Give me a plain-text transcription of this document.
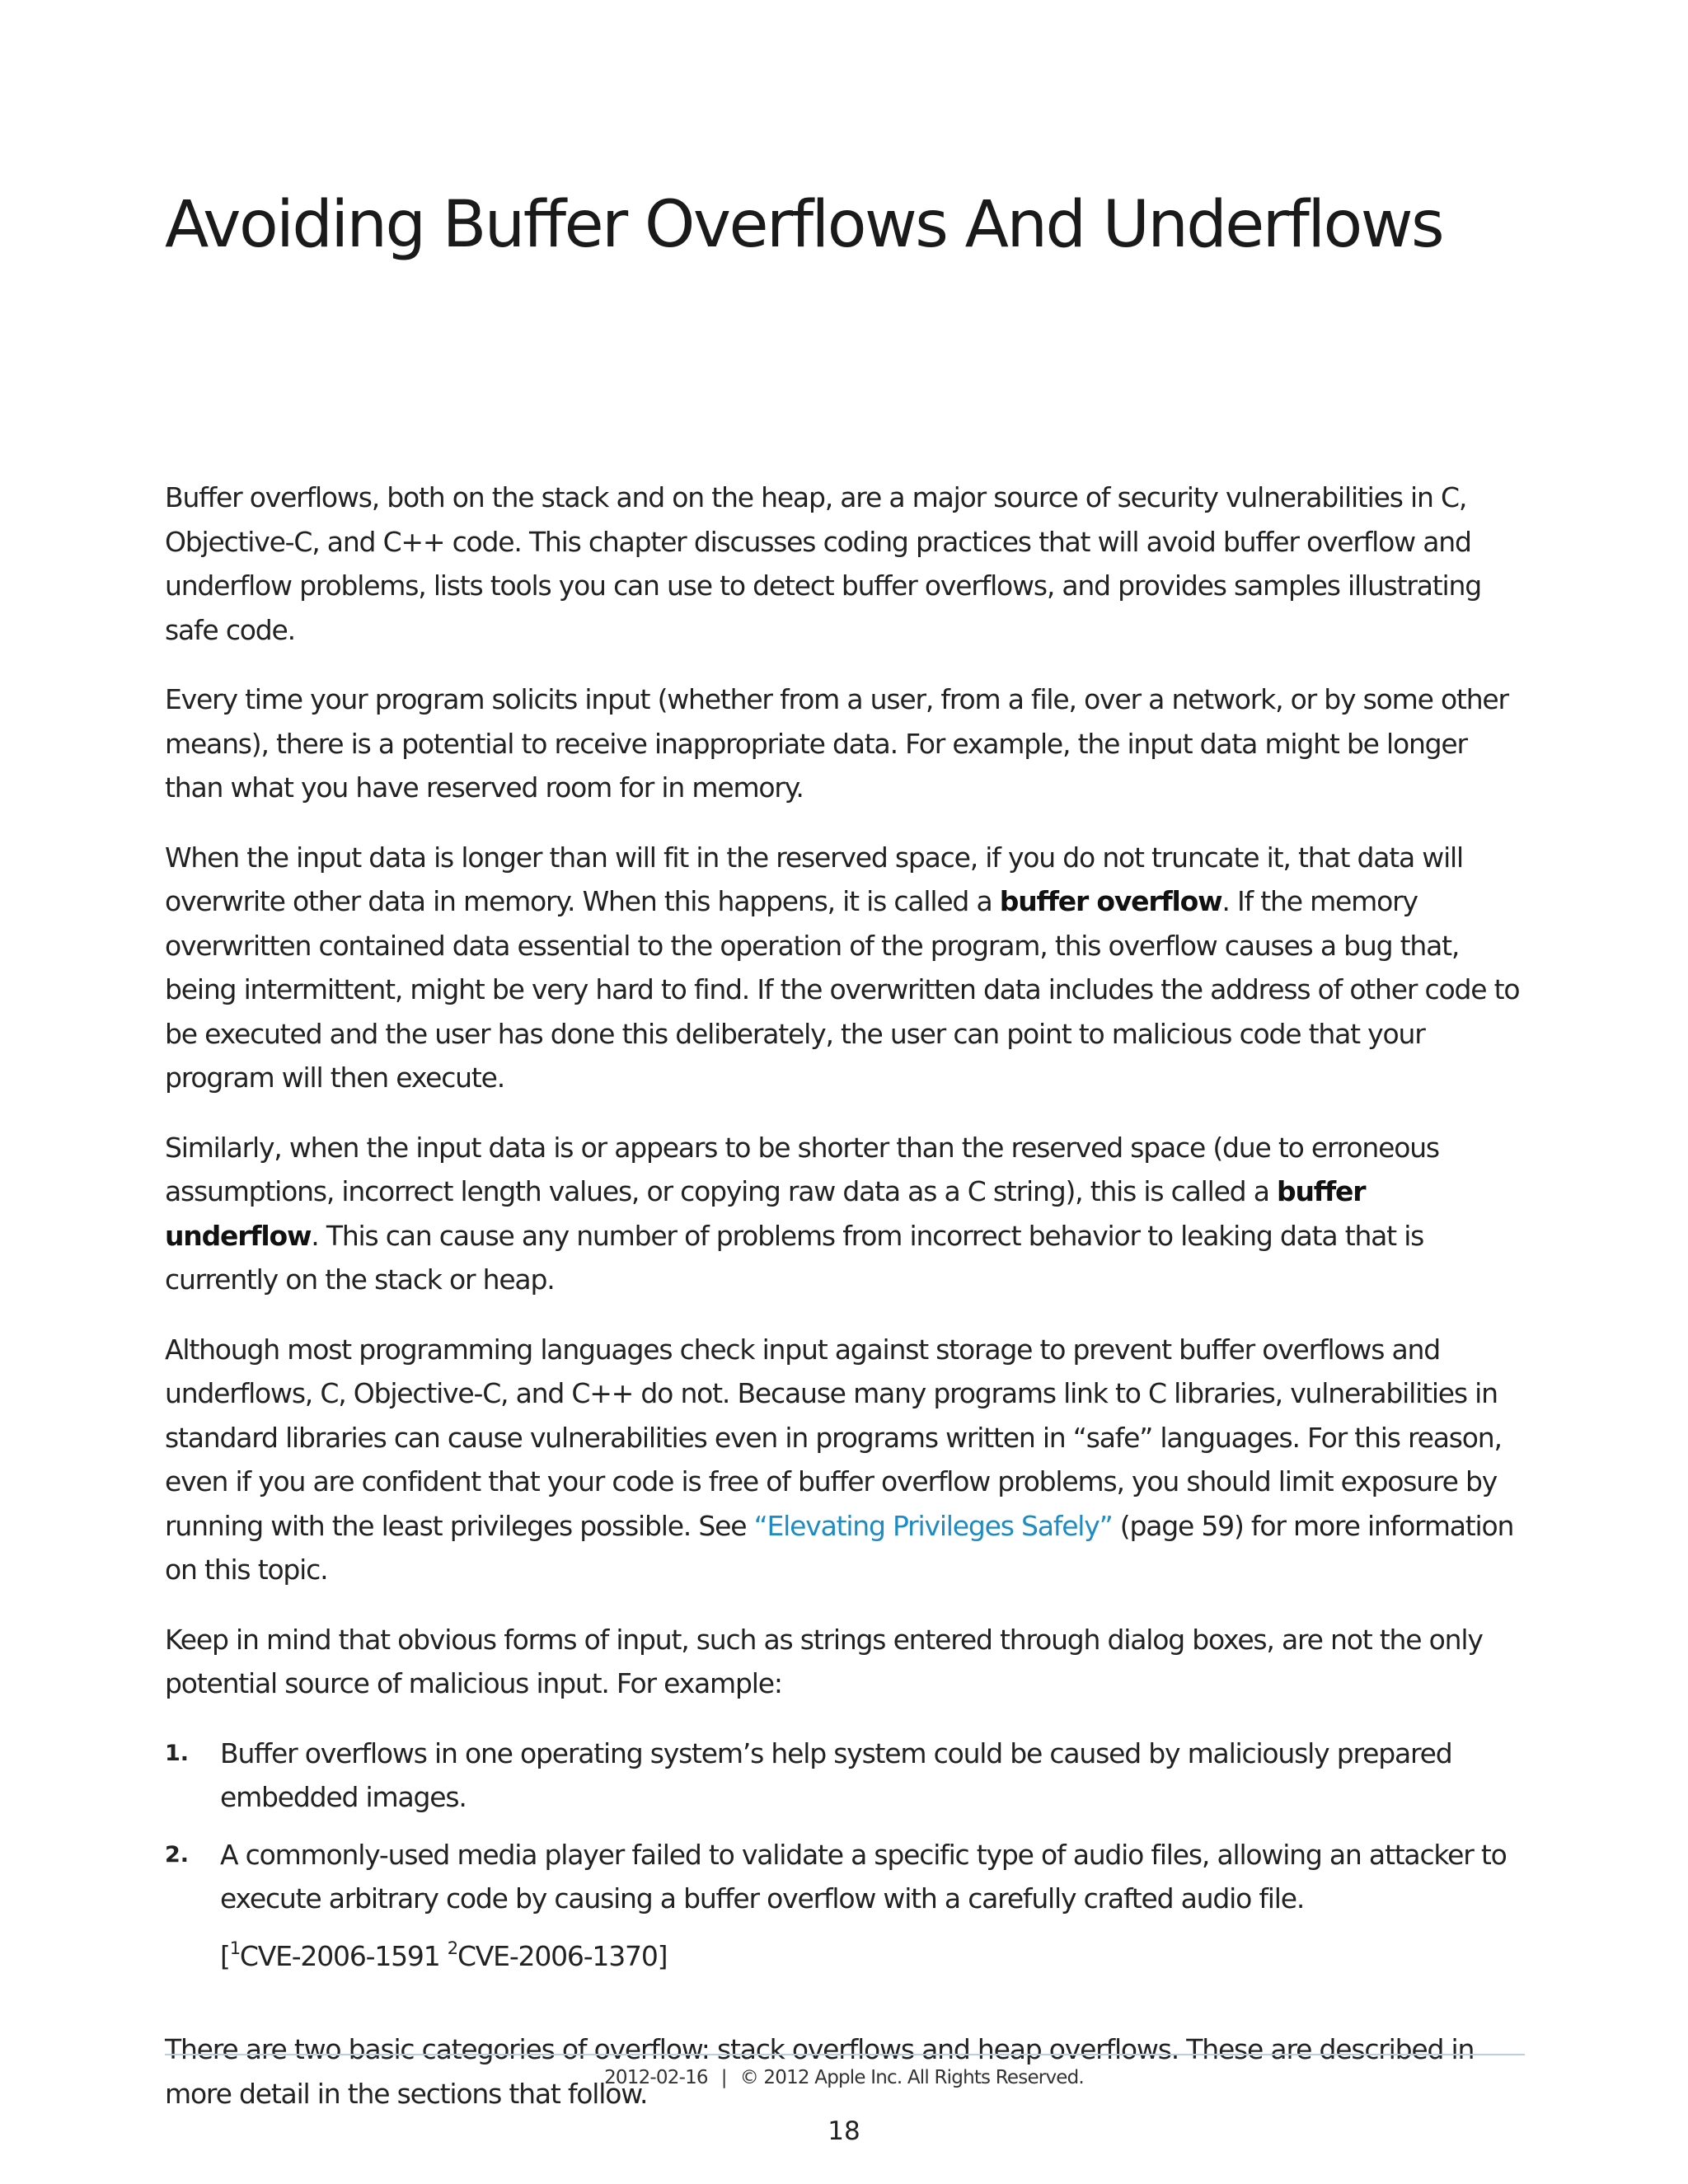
Avoiding Buffer Overflows And Underflows

Buffer overflows, both on the stack and on the heap, are a major source of security vulnerabilities in C, Objective-C, and C++ code. This chapter discusses coding practices that will avoid buffer overflow and underflow problems, lists tools you can use to detect buffer overflows, and provides samples illustrating safe code.

Every time your program solicits input (whether from a user, from a file, over a network, or by some other means), there is a potential to receive inappropriate data. For example, the input data might be longer than what you have reserved room for in memory.

When the input data is longer than will fit in the reserved space, if you do not truncate it, that data will overwrite other data in memory. When this happens, it is called a buffer overflow. If the memory overwritten contained data essential to the operation of the program, this overflow causes a bug that, being intermittent, might be very hard to find. If the overwritten data includes the address of other code to be executed and the user has done this deliberately, the user can point to malicious code that your program will then execute.

Similarly, when the input data is or appears to be shorter than the reserved space (due to erroneous assumptions, incorrect length values, or copying raw data as a C string), this is called a buffer underflow. This can cause any number of problems from incorrect behavior to leaking data that is currently on the stack or heap.

Although most programming languages check input against storage to prevent buffer overflows and underflows, C, Objective-C, and C++ do not. Because many programs link to C libraries, vulnerabilities in standard libraries can cause vulnerabilities even in programs written in “safe” languages. For this reason, even if you are confident that your code is free of buffer overflow problems, you should limit exposure by running with the least privileges possible. See “Elevating Privileges Safely” (page 59) for more information on this topic.

Keep in mind that obvious forms of input, such as strings entered through dialog boxes, are not the only potential source of malicious input. For example:

1. Buffer overflows in one operating system’s help system could be caused by maliciously prepared embedded images.
2. A commonly-used media player failed to validate a specific type of audio files, allowing an attacker to execute arbitrary code by causing a buffer overflow with a carefully crafted audio file.

[$^1$CVE-2006-1591 $^2$CVE-2006-1370]

There are two basic categories of overflow: stack overflows and heap overflows. These are described in more detail in the sections that follow.

2012-02-16 | © 2012 Apple Inc. All Rights Reserved.
18
